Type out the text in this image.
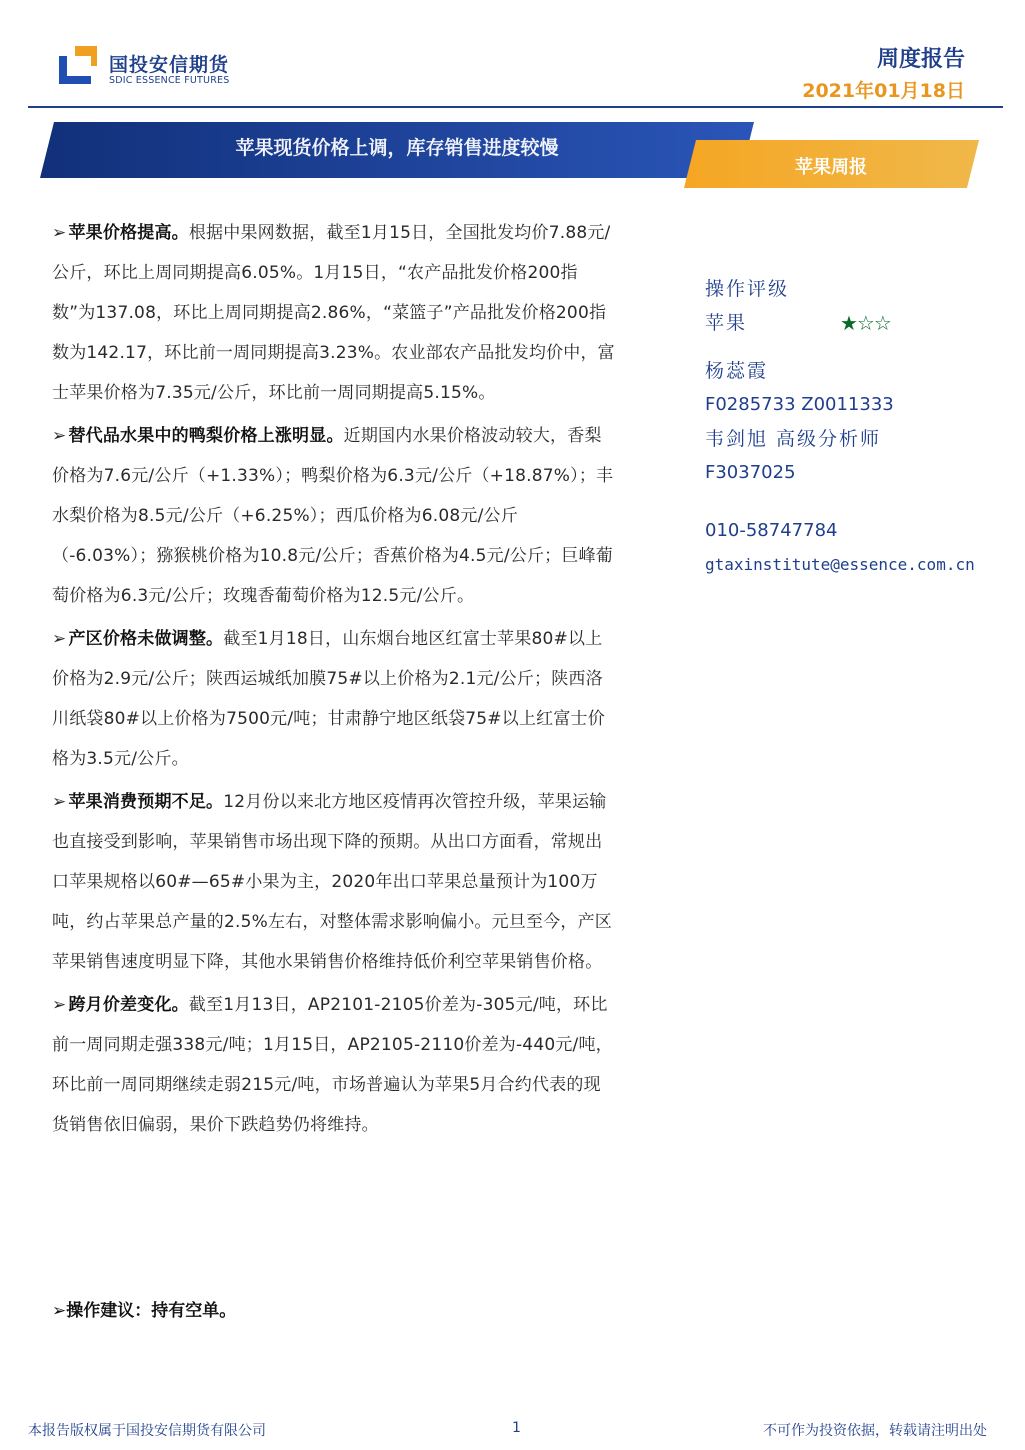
国投安信期货
SDIC ESSENCE FUTURES
周度报告
2021年01月18日
苹果现货价格上调，库存销售进度较慢
苹果周报

➢ 苹果价格提高。根据中果网数据，截至1月15日，全国批发均价7.88元/公斤，环比上周同期提高6.05%。1月15日，“农产品批发价格200指数”为137.08，环比上周同期提高2.86%，“菜篮子”产品批发价格200指数为142.17，环比前一周同期提高3.23%。农业部农产品批发均价中，富士苹果价格为7.35元/公斤，环比前一周同期提高5.15%。

➢ 替代品水果中的鸭梨价格上涨明显。近期国内水果价格波动较大，香梨价格为7.6元/公斤（+1.33%）；鸭梨价格为6.3元/公斤（+18.87%）；丰水梨价格为8.5元/公斤（+6.25%）；西瓜价格为6.08元/公斤（-6.03%）；猕猴桃价格为10.8元/公斤；香蕉价格为4.5元/公斤；巨峰葡萄价格为6.3元/公斤；玫瑰香葡萄价格为12.5元/公斤。

➢ 产区价格未做调整。截至1月18日，山东烟台地区红富士苹果80#以上价格为2.9元/公斤；陕西运城纸加膜75#以上价格为2.1元/公斤；陕西洛川纸袋80#以上价格为7500元/吨；甘肃静宁地区纸袋75#以上红富士价格为3.5元/公斤。

➢ 苹果消费预期不足。12月份以来北方地区疫情再次管控升级，苹果运输也直接受到影响，苹果销售市场出现下降的预期。从出口方面看，常规出口苹果规格以60#—65#小果为主，2020年出口苹果总量预计为100万吨，约占苹果总产量的2.5%左右，对整体需求影响偏小。元旦至今，产区苹果销售速度明显下降，其他水果销售价格维持低价利空苹果销售价格。

➢ 跨月价差变化。截至1月13日，AP2101-2105价差为-305元/吨，环比前一周同期走强338元/吨；1月15日，AP2105-2110价差为-440元/吨，环比前一周同期继续走弱215元/吨，市场普遍认为苹果5月合约代表的现货销售依旧偏弱，果价下跌趋势仍将维持。

➢操作建议：持有空单。
操作评级
苹果	★☆☆
杨蕊霞
F0285733 Z0011333
韦剑旭 高级分析师
F3037025
010-58747784
gtaxinstitute@essence.com.cn
本报告版权属于国投安信期货有限公司	1	不可作为投资依据，转载请注明出处
